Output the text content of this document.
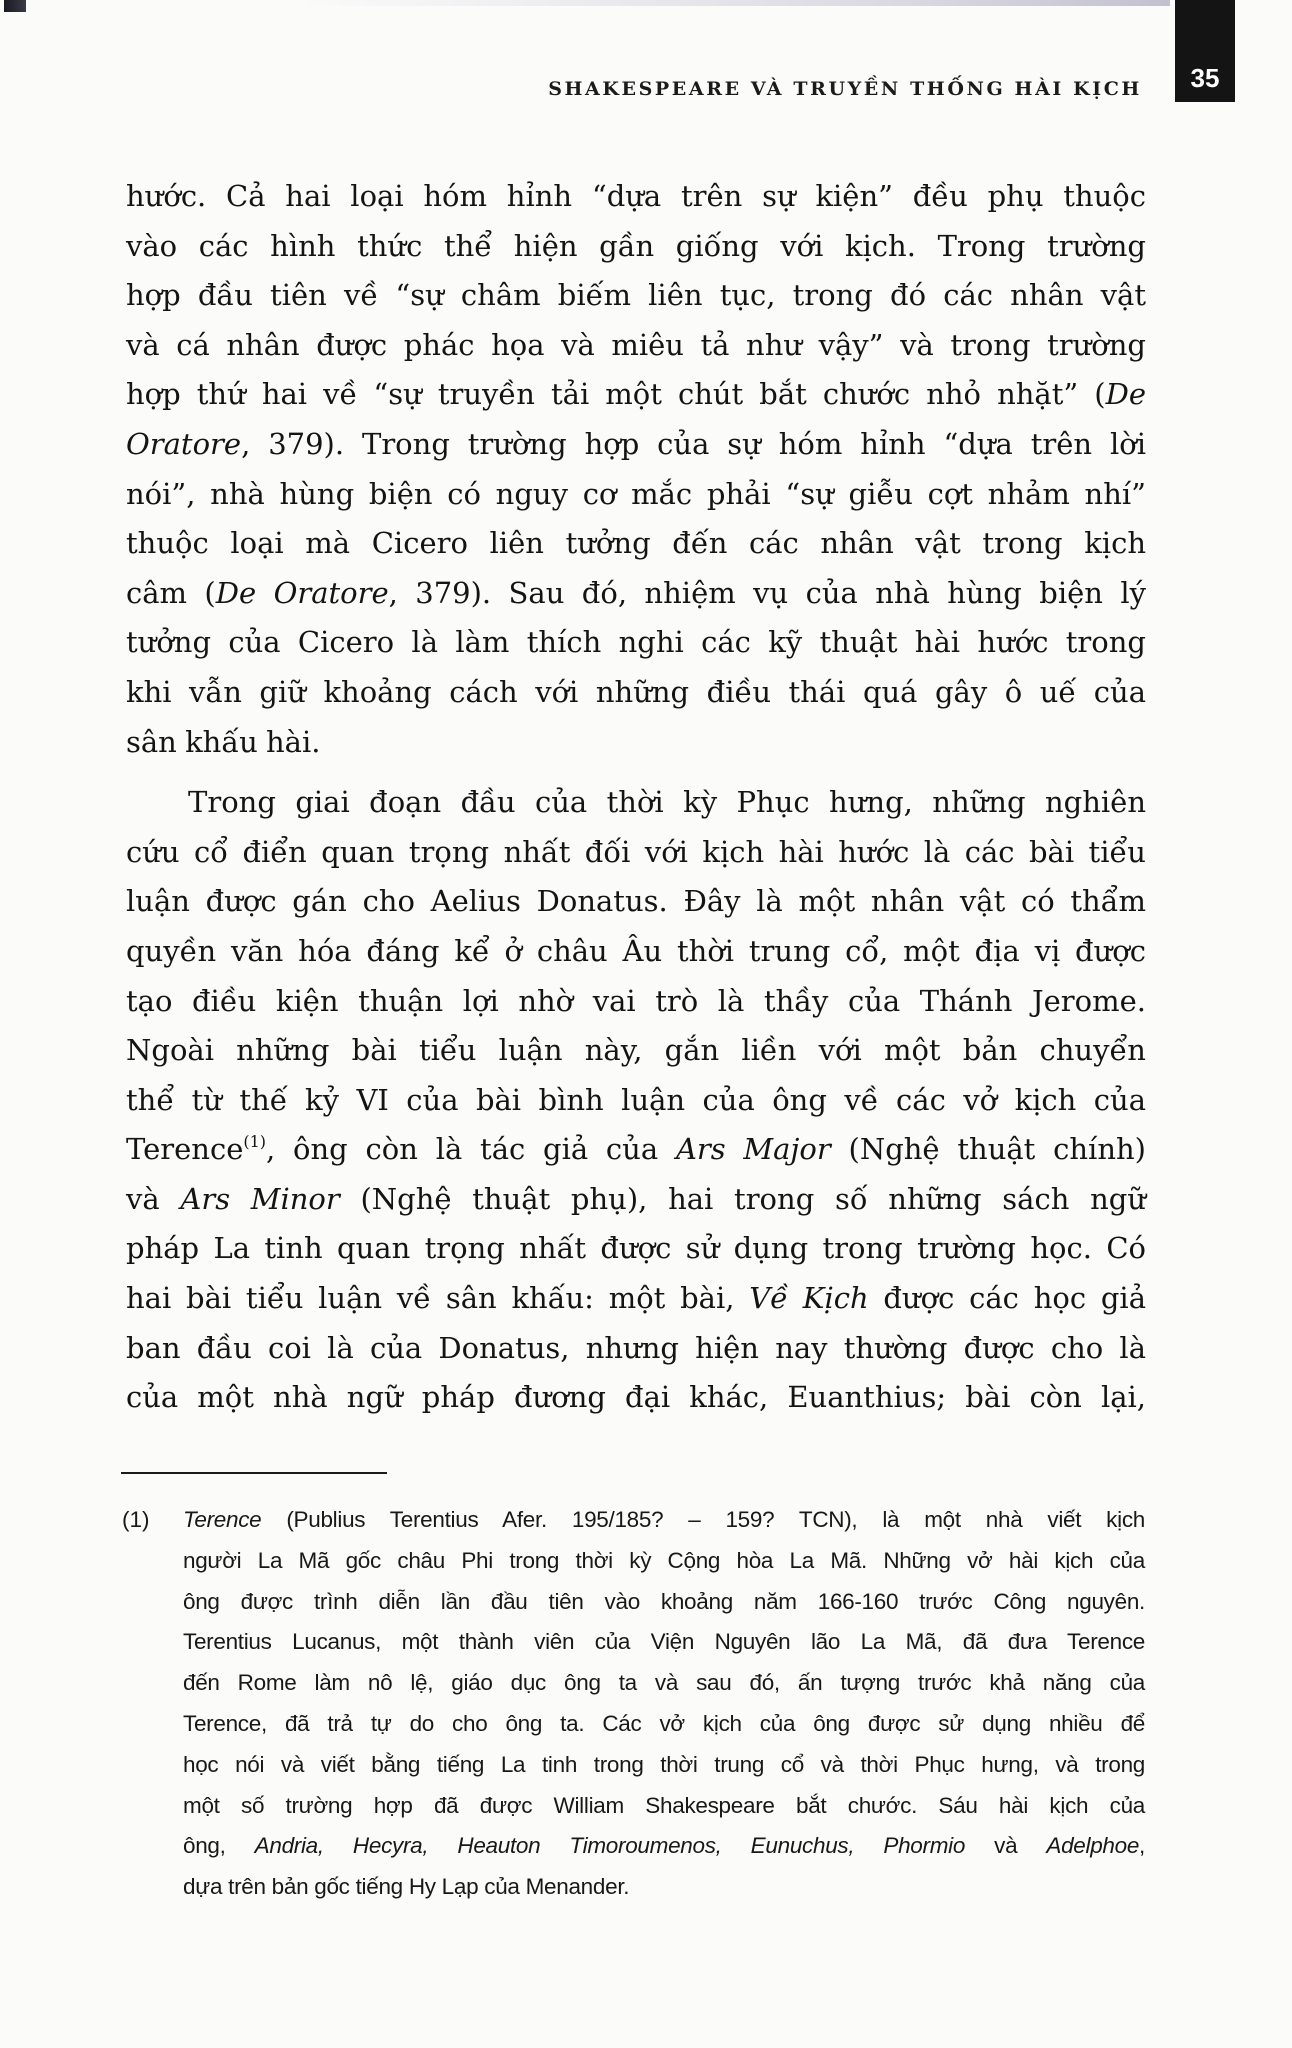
SHAKESPEARE VÀ TRUYỀN THỐNG HÀI KỊCH	35
hước. Cả hai loại hóm hỉnh “dựa trên sự kiện” đều phụ thuộc
vào các hình thức thể hiện gần giống với kịch. Trong trường
hợp đầu tiên về “sự châm biếm liên tục, trong đó các nhân vật
và cá nhân được phác họa và miêu tả như vậy” và trong trường
hợp thứ hai về “sự truyền tải một chút bắt chước nhỏ nhặt” (De
Oratore, 379). Trong trường hợp của sự hóm hỉnh “dựa trên lời
nói”, nhà hùng biện có nguy cơ mắc phải “sự giễu cợt nhảm nhí”
thuộc loại mà Cicero liên tưởng đến các nhân vật trong kịch
câm (De Oratore, 379). Sau đó, nhiệm vụ của nhà hùng biện lý
tưởng của Cicero là làm thích nghi các kỹ thuật hài hước trong
khi vẫn giữ khoảng cách với những điều thái quá gây ô uế của
sân khấu hài.
Trong giai đoạn đầu của thời kỳ Phục hưng, những nghiên
cứu cổ điển quan trọng nhất đối với kịch hài hước là các bài tiểu
luận được gán cho Aelius Donatus. Đây là một nhân vật có thẩm
quyền văn hóa đáng kể ở châu Âu thời trung cổ, một địa vị được
tạo điều kiện thuận lợi nhờ vai trò là thầy của Thánh Jerome.
Ngoài những bài tiểu luận này, gắn liền với một bản chuyển
thể từ thế kỷ VI của bài bình luận của ông về các vở kịch của
Terence$^{(1)}$, ông còn là tác giả của Ars Major (Nghệ thuật chính)
và Ars Minor (Nghệ thuật phụ), hai trong số những sách ngữ
pháp La tinh quan trọng nhất được sử dụng trong trường học. Có
hai bài tiểu luận về sân khấu: một bài, Về Kịch được các học giả
ban đầu coi là của Donatus, nhưng hiện nay thường được cho là
của một nhà ngữ pháp đương đại khác, Euanthius; bài còn lại,
(1) Terence (Publius Terentius Afer. 195/185? – 159? TCN), là một nhà viết kịch
người La Mã gốc châu Phi trong thời kỳ Cộng hòa La Mã. Những vở hài kịch của
ông được trình diễn lần đầu tiên vào khoảng năm 166-160 trước Công nguyên.
Terentius Lucanus, một thành viên của Viện Nguyên lão La Mã, đã đưa Terence
đến Rome làm nô lệ, giáo dục ông ta và sau đó, ấn tượng trước khả năng của
Terence, đã trả tự do cho ông ta. Các vở kịch của ông được sử dụng nhiều để
học nói và viết bằng tiếng La tinh trong thời trung cổ và thời Phục hưng, và trong
một số trường hợp đã được William Shakespeare bắt chước. Sáu hài kịch của
ông, Andria, Hecyra, Heauton Timoroumenos, Eunuchus, Phormio và Adelphoe,
dựa trên bản gốc tiếng Hy Lạp của Menander.
